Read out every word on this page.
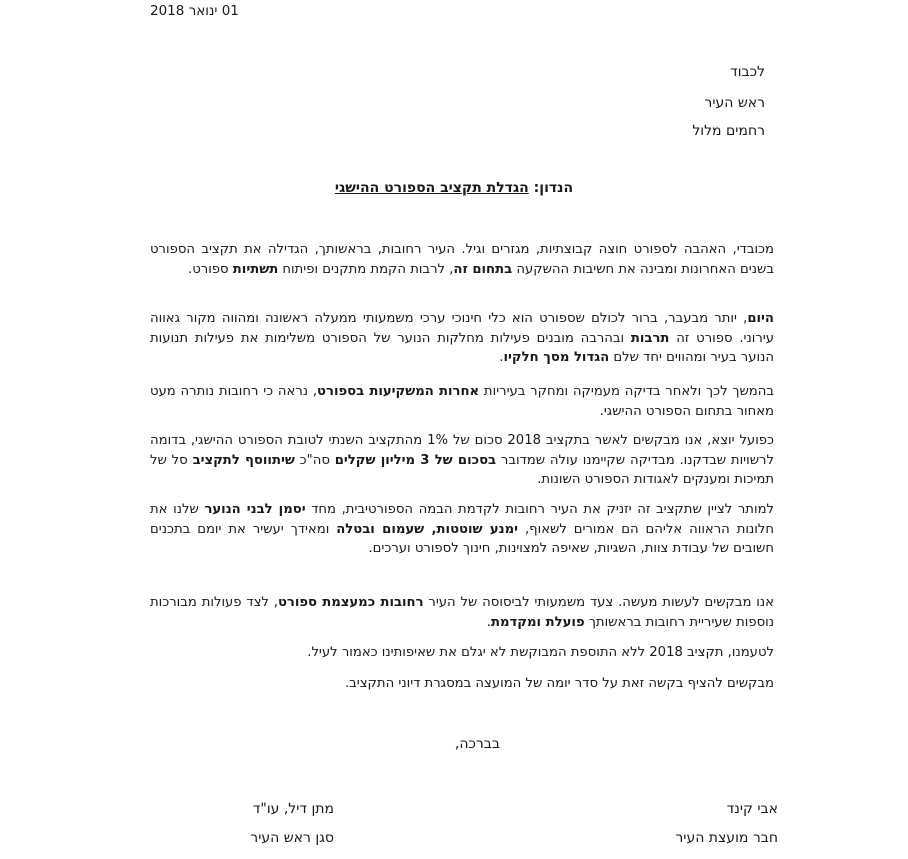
01 ינואר 2018
לכבוד
ראש העיר
רחמים מלול
הנדון: הגדלת תקציב הספורט ההישגי
מכובדי, האהבה לספורט חוצה קבוצתיות, מגזרים וגיל. העיר רחובות, בראשותך, הגדילה את תקציב הספורט בשנים האחרונות ומבינה את חשיבות ההשקעה בתחום זה, לרבות הקמת מתקנים ופיתוח תשתיות ספורט.
היום, יותר מבעבר, ברור לכולם שספורט הוא כלי חינוכי ערכי משמעותי ממעלה ראשונה ומהווה מקור גאווה עירוני. ספורט זה תרבות ובהרבה מובנים פעילות מחלקות הנוער של הספורט משלימות את פעילות תנועות הנוער בעיר ומהווים יחד שלם הגדול מסך חלקיו.
בהמשך לכך ולאחר בדיקה מעמיקה ומחקר בעיריות אחרות המשקיעות בספורט, נראה כי רחובות נותרה מעט מאחור בתחום הספורט ההישגי.
כפועל יוצא, אנו מבקשים לאשר בתקציב 2018 סכום של 1% מהתקציב השנתי לטובת הספורט ההישגי, בדומה לרשויות שבדקנו. מבדיקה שקיימנו עולה שמדובר בסכום של 3 מיליון שקלים סה"כ שיתווסף לתקציב סל של תמיכות ומענקים לאגודות הספורט השונות.
למותר לציין שתקציב זה יזניק את העיר רחובות לקדמת הבמה הספורטיבית, מחד יסמן לבני הנוער שלנו את חלונות הראווה אליהם הם אמורים לשאוף, ימנע שוטטות, שעמום ובטלה ומאידך יעשיר את יומם בתכנים חשובים של עבודת צוות, השגיות, שאיפה למצוינות, חינוך לספורט וערכים.
אנו מבקשים לעשות מעשה. צעד משמעותי לביסוסה של העיר רחובות כמעצמת ספורט, לצד פעולות מבורכות נוספות שעיריית רחובות בראשותך פועלת ומקדמת.
לטעמנו, תקציב 2018 ללא התוספת המבוקשת לא יגלם את שאיפותינו כאמור לעיל.
מבקשים להציף בקשה זאת על סדר יומה של המועצה במסגרת דיוני התקציב.
בברכה,
אבי קינד
חבר מועצת העיר
מתן דיל, עו"ד
סגן ראש העיר
